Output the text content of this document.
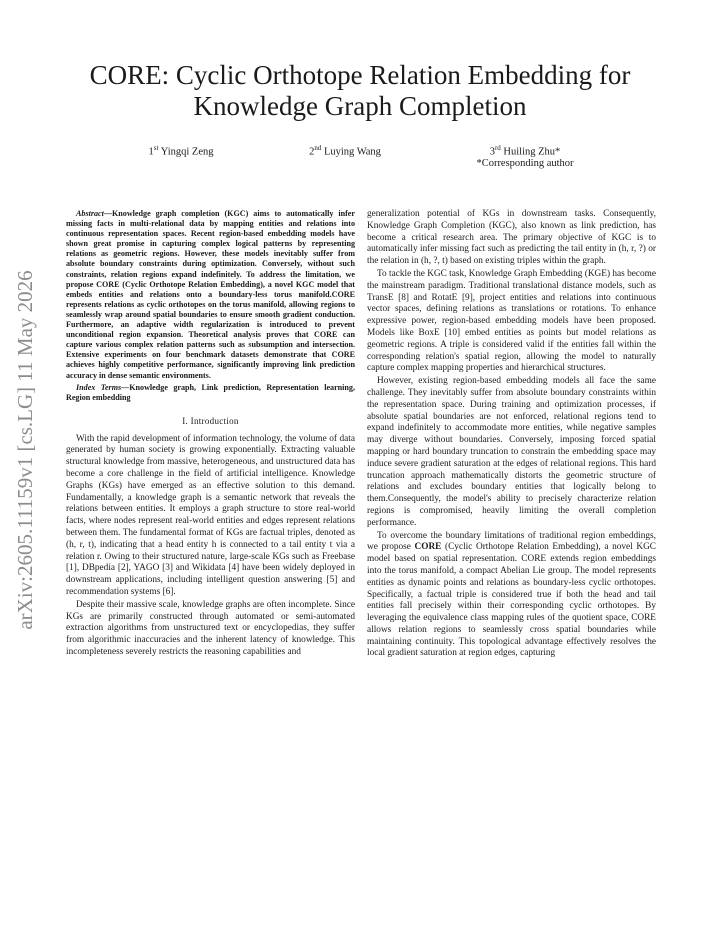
arXiv:2605.11159v1 [cs.LG] 11 May 2026
CORE: Cyclic Orthotope Relation Embedding for
Knowledge Graph Completion
1st Yingqi Zeng	2nd Luying Wang	3rd Huiling Zhu*
*Corresponding author

Abstract—Knowledge graph completion (KGC) aims to automatically infer missing facts in multi-relational data by mapping entities and relations into continuous representation spaces. Recent region-based embedding models have shown great promise in capturing complex logical patterns by representing relations as geometric regions. However, these models inevitably suffer from absolute boundary constraints during optimization. Conversely, without such constraints, relation regions expand indefinitely. To address the limitation, we propose CORE (Cyclic Orthotope Relation Embedding), a novel KGC model that embeds entities and relations onto a boundary-less torus manifold.CORE represents relations as cyclic orthotopes on the torus manifold, allowing regions to seamlessly wrap around spatial boundaries to ensure smooth gradient conduction. Furthermore, an adaptive width regularization is introduced to prevent unconditional region expansion. Theoretical analysis proves that CORE can capture various complex relation patterns such as subsumption and intersection. Extensive experiments on four benchmark datasets demonstrate that CORE achieves highly competitive performance, significantly improving link prediction accuracy in dense semantic environments.

Index Terms—Knowledge graph, Link prediction, Representation learning, Region embedding

I. Introduction

With the rapid development of information technology, the volume of data generated by human society is growing exponentially. Extracting valuable structural knowledge from massive, heterogeneous, and unstructured data has become a core challenge in the field of artificial intelligence. Knowledge Graphs (KGs) have emerged as an effective solution to this demand. Fundamentally, a knowledge graph is a semantic network that reveals the relations between entities. It employs a graph structure to store real-world facts, where nodes represent real-world entities and edges represent relations between them. The fundamental format of KGs are factual triples, denoted as (h, r, t), indicating that a head entity h is connected to a tail entity t via a relation r. Owing to their structured nature, large-scale KGs such as Freebase [1], DBpedia [2], YAGO [3] and Wikidata [4] have been widely deployed in downstream applications, including intelligent question answering [5] and recommendation systems [6].

Despite their massive scale, knowledge graphs are often incomplete. Since KGs are primarily constructed through automated or semi-automated extraction algorithms from unstructured text or encyclopedias, they suffer from algorithmic inaccuracies and the inherent latency of knowledge. This incompleteness severely restricts the reasoning capabilities and

generalization potential of KGs in downstream tasks. Consequently, Knowledge Graph Completion (KGC), also known as link prediction, has become a critical research area. The primary objective of KGC is to automatically infer missing fact such as predicting the tail entity in (h, r, ?) or the relation in (h, ?, t) based on existing triples within the graph.

To tackle the KGC task, Knowledge Graph Embedding (KGE) has become the mainstream paradigm. Traditional translational distance models, such as TransE [8] and RotatE [9], project entities and relations into continuous vector spaces, defining relations as translations or rotations. To enhance expressive power, region-based embedding models have been proposed. Models like BoxE [10] embed entities as points but model relations as geometric regions. A triple is considered valid if the entities fall within the corresponding relation's spatial region, allowing the model to naturally capture complex mapping properties and hierarchical structures.

However, existing region-based embedding models all face the same challenge. They inevitably suffer from absolute boundary constraints within the representation space. During training and optimization processes, if absolute spatial boundaries are not enforced, relational regions tend to expand indefinitely to accommodate more entities, while negative samples may diverge without boundaries. Conversely, imposing forced spatial mapping or hard boundary truncation to constrain the embedding space may induce severe gradient saturation at the edges of relational regions. This hard truncation approach mathematically distorts the geometric structure of relations and excludes boundary entities that logically belong to them.Consequently, the model's ability to precisely characterize relation regions is compromised, heavily limiting the overall completion performance.

To overcome the boundary limitations of traditional region embeddings, we propose CORE (Cyclic Orthotope Relation Embedding), a novel KGC model based on spatial representation. CORE extends region embeddings into the torus manifold, a compact Abelian Lie group. The model represents entities as dynamic points and relations as boundary-less cyclic orthotopes. Specifically, a factual triple is considered true if both the head and tail entities fall precisely within their corresponding cyclic orthotopes. By leveraging the equivalence class mapping rules of the quotient space, CORE allows relation regions to seamlessly cross spatial boundaries while maintaining continuity. This topological advantage effectively resolves the local gradient saturation at region edges, capturing
